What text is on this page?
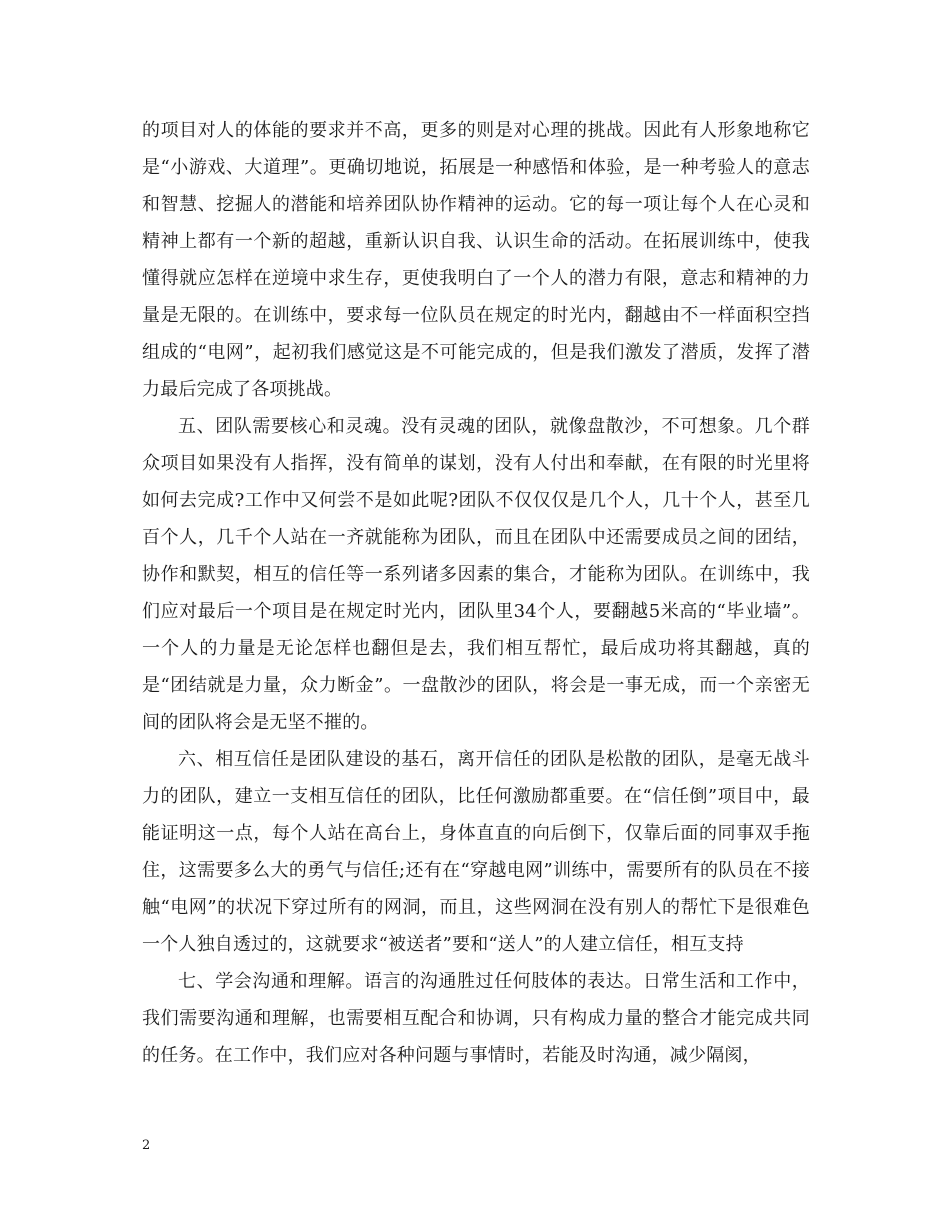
的项目对人的体能的要求并不高，更多的则是对心理的挑战。因此有人形象地称它是“小游戏、大道理”。更确切地说，拓展是一种感悟和体验，是一种考验人的意志和智慧、挖掘人的潜能和培养团队协作精神的运动。它的每一项让每个人在心灵和精神上都有一个新的超越，重新认识自我、认识生命的活动。在拓展训练中，使我懂得就应怎样在逆境中求生存，更使我明白了一个人的潜力有限，意志和精神的力量是无限的。在训练中，要求每一位队员在规定的时光内，翻越由不一样面积空挡组成的“电网”，起初我们感觉这是不可能完成的，但是我们激发了潜质，发挥了潜力最后完成了各项挑战。

五、团队需要核心和灵魂。没有灵魂的团队，就像盘散沙，不可想象。几个群众项目如果没有人指挥，没有简单的谋划，没有人付出和奉献，在有限的时光里将如何去完成?工作中又何尝不是如此呢?团队不仅仅仅是几个人，几十个人，甚至几百个人，几千个人站在一齐就能称为团队，而且在团队中还需要成员之间的团结，协作和默契，相互的信任等一系列诸多因素的集合，才能称为团队。在训练中，我们应对最后一个项目是在规定时光内，团队里34个人，要翻越5米高的“毕业墙”。一个人的力量是无论怎样也翻但是去，我们相互帮忙，最后成功将其翻越，真的是“团结就是力量，众力断金”。一盘散沙的团队，将会是一事无成，而一个亲密无间的团队将会是无坚不摧的。

六、相互信任是团队建设的基石，离开信任的团队是松散的团队，是毫无战斗力的团队，建立一支相互信任的团队，比任何激励都重要。在“信任倒”项目中，最能证明这一点，每个人站在高台上，身体直直的向后倒下，仅靠后面的同事双手拖住，这需要多么大的勇气与信任;还有在“穿越电网”训练中，需要所有的队员在不接触“电网”的状况下穿过所有的网洞，而且，这些网洞在没有别人的帮忙下是很难色一个人独自透过的，这就要求“被送者”要和“送人”的人建立信任，相互支持

七、学会沟通和理解。语言的沟通胜过任何肢体的表达。日常生活和工作中，我们需要沟通和理解，也需要相互配合和协调，只有构成力量的整合才能完成共同的任务。在工作中，我们应对各种问题与事情时，若能及时沟通，减少隔阂，

2
